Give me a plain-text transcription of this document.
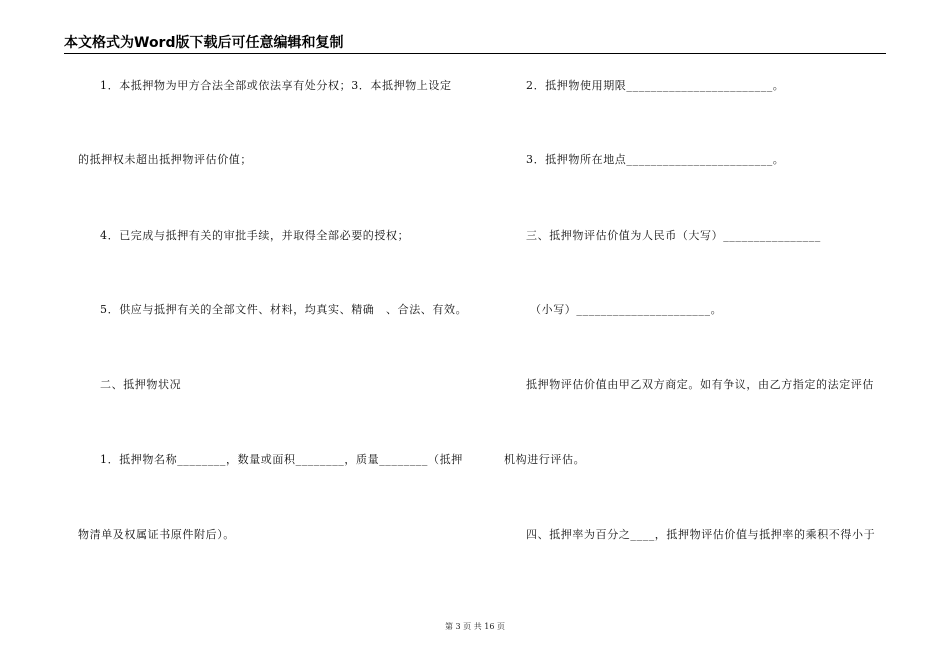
本文格式为Word版下载后可任意编辑和复制
1．本抵押物为甲方合法全部或依法享有处分权；3．本抵押物上设定
的抵押权未超出抵押物评估价值；
4．已完成与抵押有关的审批手续，并取得全部必要的授权；
5．供应与抵押有关的全部文件、材料，均真实、精确　、合法、有效。
二、抵押物状况
1．抵押物名称________，数量或面积________，质量________（抵押
物清单及权属证书原件附后）。
2．抵押物使用期限________________________。
3．抵押物所在地点________________________。
三、抵押物评估价值为人民币（大写）________________
（小写）______________________。
抵押物评估价值由甲乙双方商定。如有争议，由乙方指定的法定评估
机构进行评估。
四、抵押率为百分之____，抵押物评估价值与抵押率的乘积不得小于
第 3 页 共 16 页
